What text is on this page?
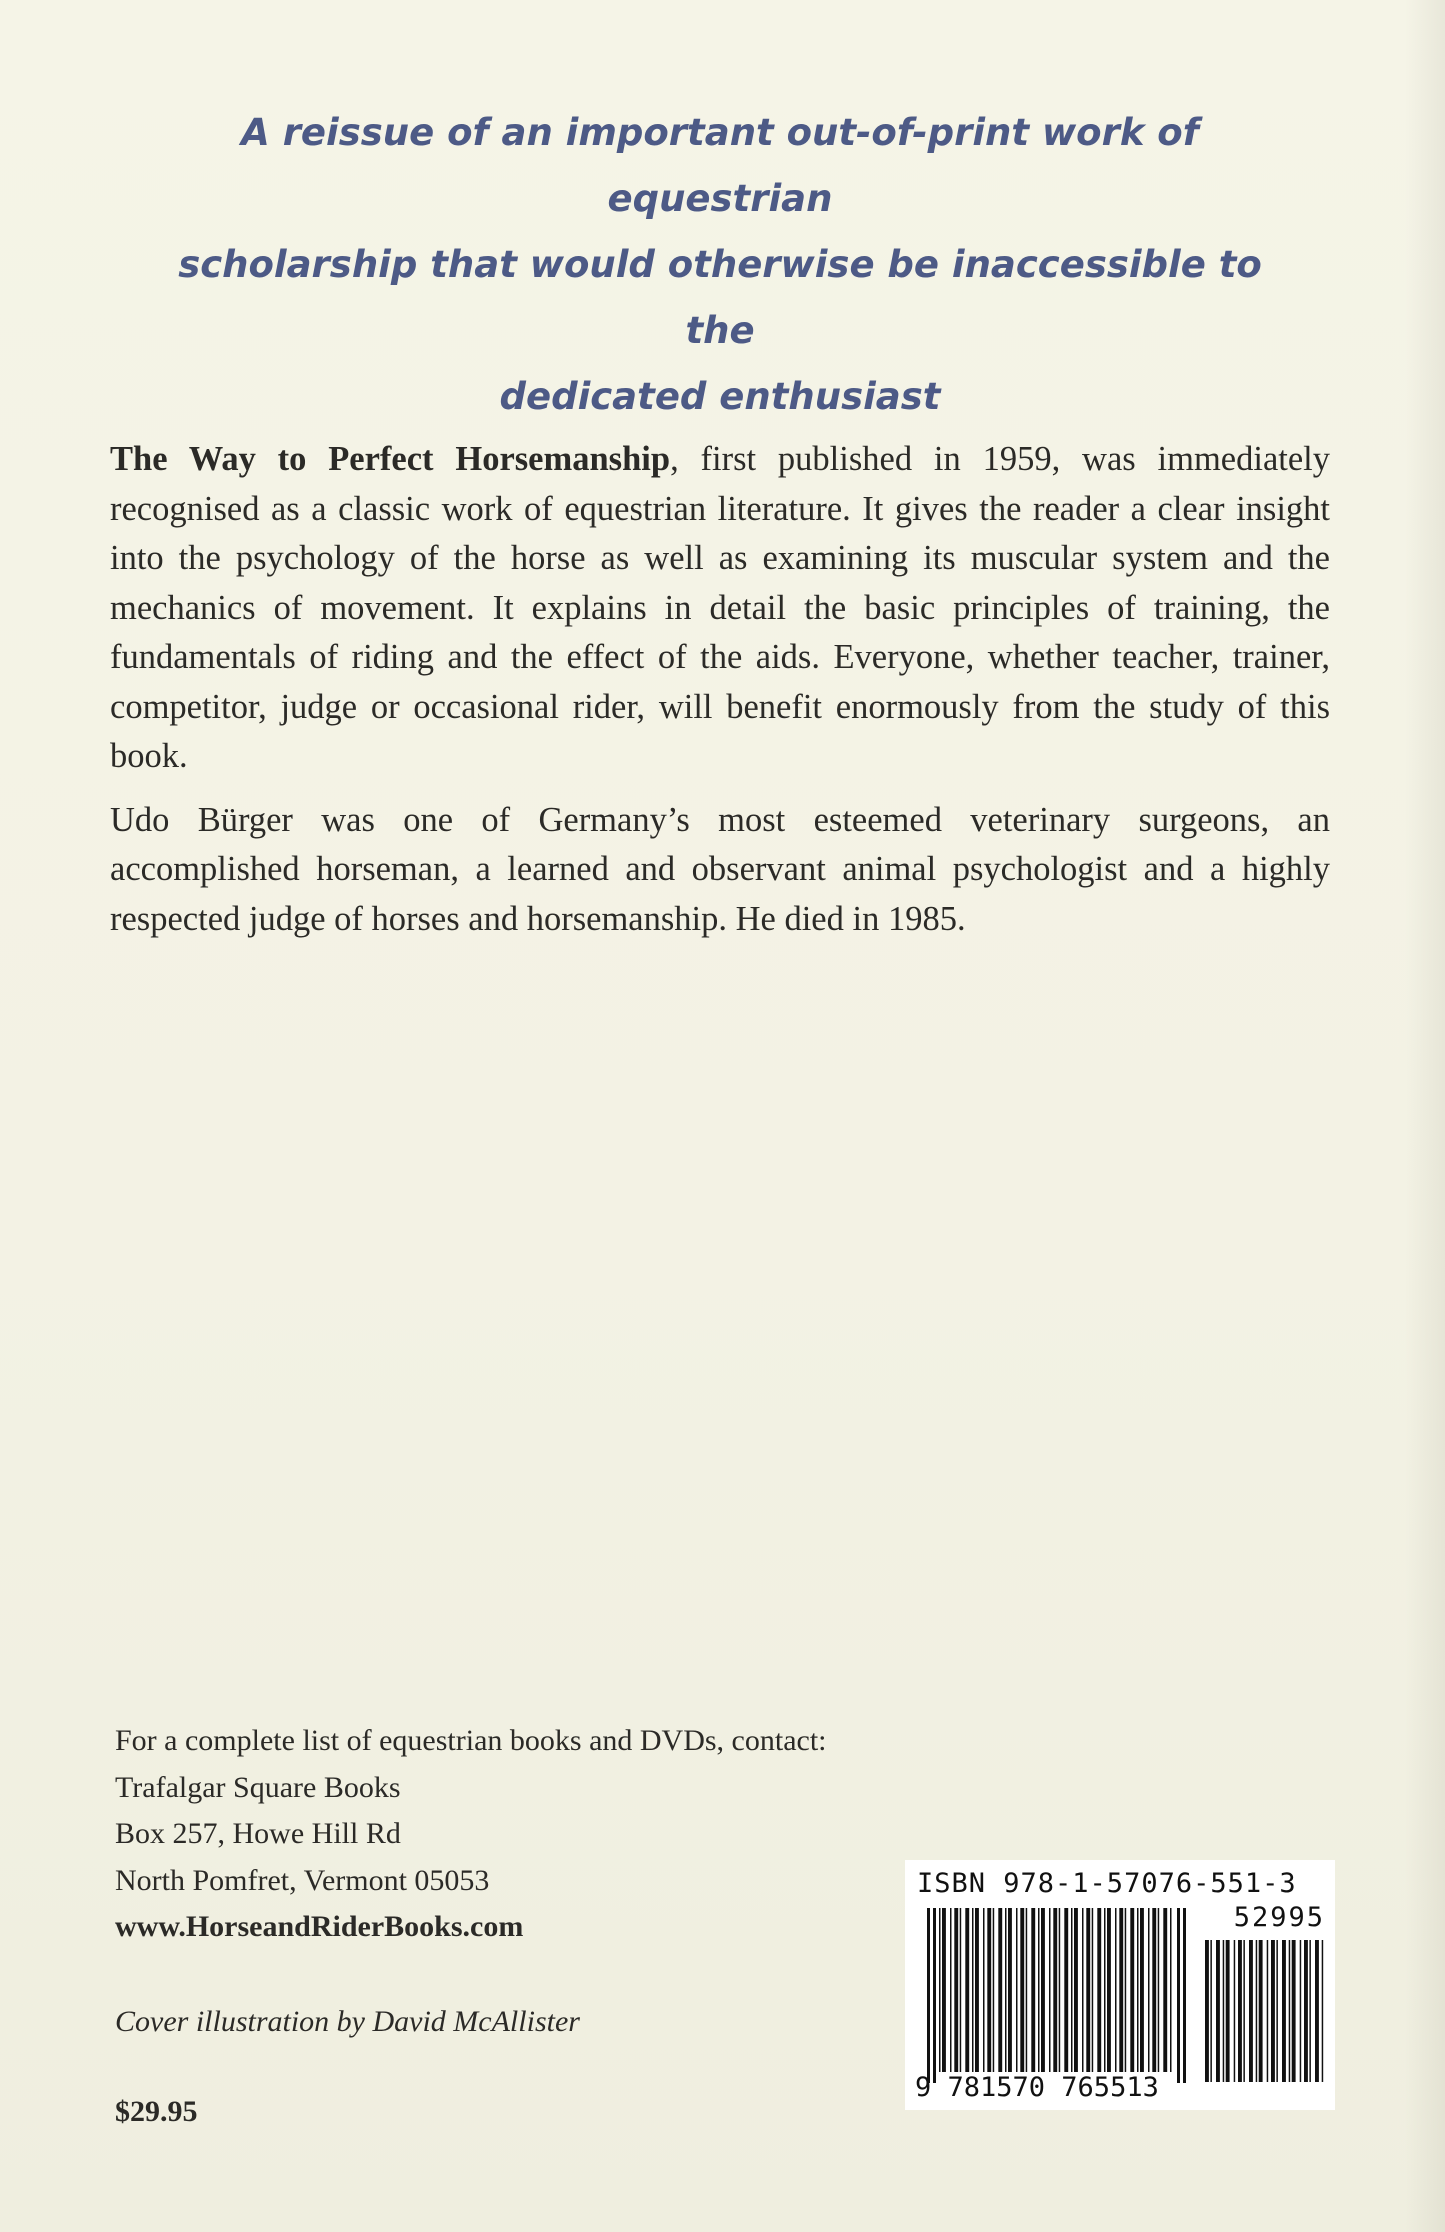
A reissue of an important out-of-print work of equestrian
scholarship that would otherwise be inaccessible to the
dedicated enthusiast

The Way to Perfect Horsemanship, first published in 1959, was immediately recognised as a classic work of equestrian literature. It gives the reader a clear insight into the psychology of the horse as well as examining its muscular system and the mechanics of movement. It explains in detail the basic principles of training, the fundamentals of riding and the effect of the aids. Everyone, whether teacher, trainer, competitor, judge or occasional rider, will benefit enormously from the study of this book.

Udo Bürger was one of Germany’s most esteemed veterinary surgeons, an accomplished horseman, a learned and observant animal psychologist and a highly respected judge of horses and horsemanship. He died in 1985.

For a complete list of equestrian books and DVDs, contact:
Trafalgar Square Books
Box 257, Howe Hill Rd
North Pomfret, Vermont 05053
www.HorseandRiderBooks.com
Cover illustration by David McAllister
$29.95
ISBN 978-1-57076-551-3
52995
9 781570 765513
